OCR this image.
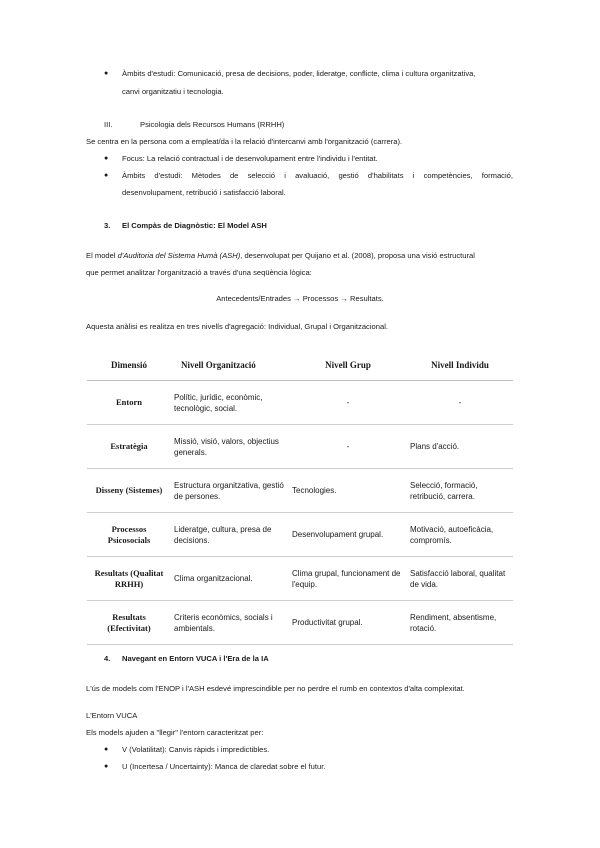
● Àmbits d'estudi: Comunicació, presa de decisions, poder, lideratge, conflicte, clima i cultura organitzativa,
canvi organitzatiu i tecnologia.
III.	Psicologia dels Recursos Humans (RRHH)
Se centra en la persona com a empleat/da i la relació d'intercanvi amb l'organització (carrera).
● Focus: La relació contractual i de desenvolupament entre l'individu i l'entitat.
● Àmbits d'estudi: Mètodes de selecció i avaluació, gestió d'habilitats i competències, formació,
desenvolupament, retribució i satisfacció laboral.
3. El Compàs de Diagnòstic: El Model ASH
El model d'Auditoria del Sistema Humà (ASH), desenvolupat per Quijano et al. (2008), proposa una visió estructural
que permet analitzar l'organització a través d'una seqüència lògica:
Antecedents/Entrades → Processos → Resultats.
Aquesta anàlisi es realitza en tres nivells d'agregació: Individual, Grupal i Organitzacional.
Dimensió	Nivell Organització	Nivell Grup	Nivell Individu
Entorn	Polític, jurídic, econòmic, tecnològic, social.	-	-
Estratègia	Missió, visió, valors, objectius generals.	-	Plans d'acció.
Disseny (Sistemes)	Estructura organitzativa, gestió de persones.	Tecnologies.	Selecció, formació, retribució, carrera.
Processos Psicosocials	Lideratge, cultura, presa de decisions.	Desenvolupament grupal.	Motivació, autoeficàcia, compromís.
Resultats (Qualitat RRHH)	Clima organitzacional.	Clima grupal, funcionament de l'equip.	Satisfacció laboral, qualitat de vida.
Resultats (Efectivitat)	Criteris econòmics, socials i ambientals.	Productivitat grupal.	Rendiment, absentisme, rotació.
4. Navegant en Entorn VUCA i l'Era de la IA
L'ús de models com l'ENOP i l'ASH esdevé imprescindible per no perdre el rumb en contextos d'alta complexitat.
L'Entorn VUCA
Els models ajuden a "llegir" l'entorn caracteritzat per:
● V (Volatilitat): Canvis ràpids i impredictibles.
● U (Incertesa / Uncertainty): Manca de claredat sobre el futur.
